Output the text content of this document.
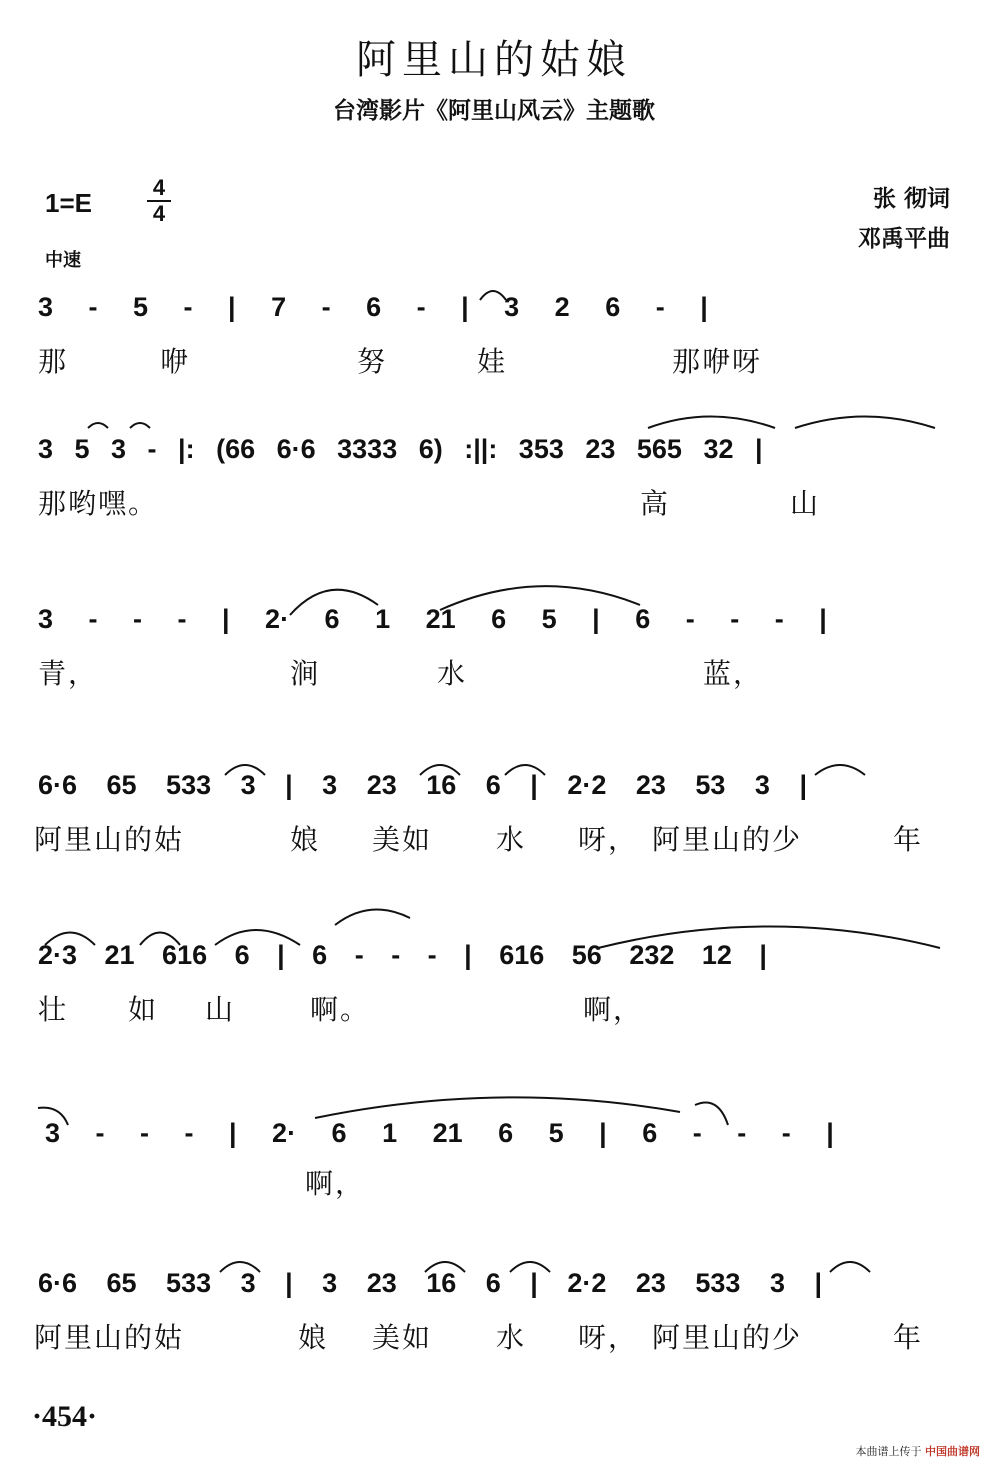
阿里山的姑娘
台湾影片《阿里山风云》主题歌
1=E
4
4
张 彻词
邓禹平曲
中速
3 - 5 - | 7 - 6 - | 3 2 6 - |
那	咿	努	娃	那咿呀
3 5 3 - |: (66 6·6 3333 6) :||: 353 23 565 32 |
那哟嘿。	高	山
3 - - - | 2· 6 1 21 6 5 | 6 - - - |
青，	涧	水	蓝，
6·6 65 533 3 | 3 23 16 6 | 2·2 23 53 3 |
阿里山的姑	娘 美如 水 呀， 阿里山的少	年
2·3 21 616 6 | 6 - - - | 616 56 232 12 |
壮 如 山	啊。	啊，
3 - - - | 2· 6 1 21 6 5 | 6 - - - |
啊，
6·6 65 533 3 | 3 23 16 6 | 2·2 23 533 3 |
阿里山的姑	娘 美如 水 呀， 阿里山的少	年
·454·
本曲谱上传于 中国曲谱网
